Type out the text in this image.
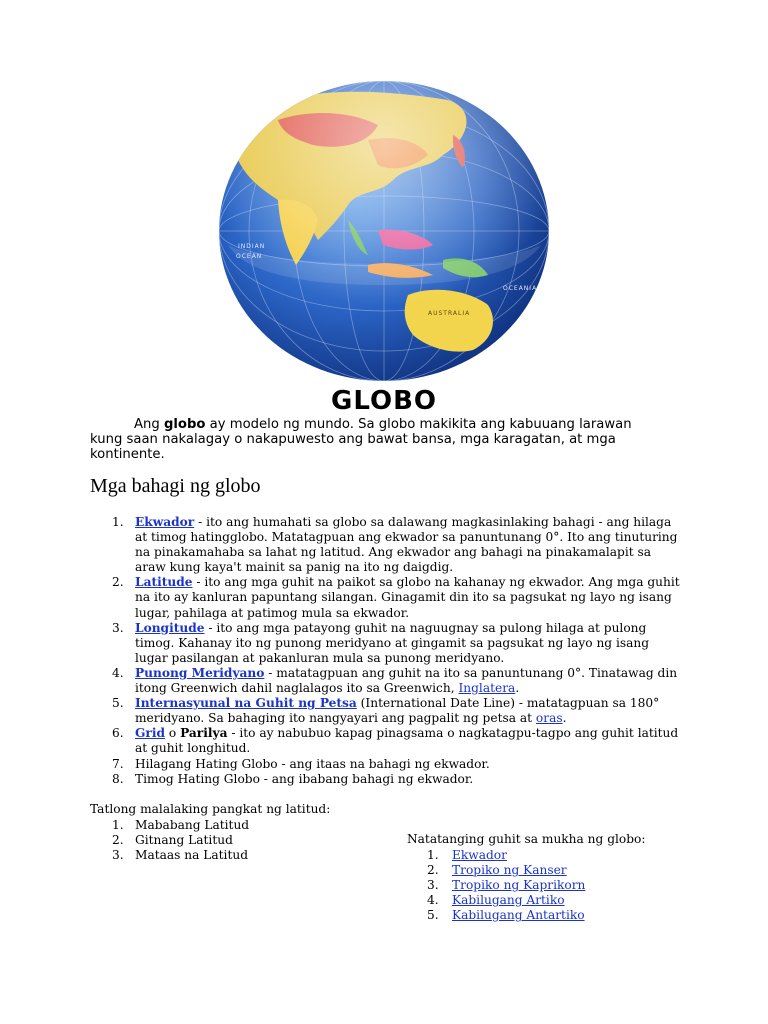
INDIAN
OCEAN
AUSTRALIA
OCEANIA
GLOBO

Ang globo ay modelo ng mundo. Sa globo makikita ang kabuuang larawan kung saan nakalagay o nakapuwesto ang bawat bansa, mga karagatan, at mga kontinente.

Mga bahagi ng globo
1. Ekwador - ito ang humahati sa globo sa dalawang magkasinlaking bahagi - ang hilaga at timog hatingglobo. Matatagpuan ang ekwador sa panuntunang 0°. Ito ang tinuturing na pinakamahaba sa lahat ng latitud. Ang ekwador ang bahagi na pinakamalapit sa araw kung kaya't mainit sa panig na ito ng daigdig.
2. Latitude - ito ang mga guhit na paikot sa globo na kahanay ng ekwador. Ang mga guhit na ito ay kanluran papuntang silangan. Ginagamit din ito sa pagsukat ng layo ng isang lugar, pahilaga at patimog mula sa ekwador.
3. Longitude - ito ang mga patayong guhit na naguugnay sa pulong hilaga at pulong timog. Kahanay ito ng punong meridyano at gingamit sa pagsukat ng layo ng isang lugar pasilangan at pakanluran mula sa punong meridyano.
4. Punong Meridyano - matatagpuan ang guhit na ito sa panuntunang 0°. Tinatawag din itong Greenwich dahil naglalagos ito sa Greenwich, Inglatera.
5. Internasyunal na Guhit ng Petsa (International Date Line) - matatagpuan sa 180° meridyano. Sa bahaging ito nangyayari ang pagpalit ng petsa at oras.
6. Grid o Parilya - ito ay nabubuo kapag pinagsama o nagkatagpu-tagpo ang guhit latitud at guhit longhitud.
7. Hilagang Hating Globo - ang itaas na bahagi ng ekwador.
8. Timog Hating Globo - ang ibabang bahagi ng ekwador.
Tatlong malalaking pangkat ng latitud:
1. Mababang Latitud
2. Gitnang Latitud
3. Mataas na Latitud
Natatanging guhit sa mukha ng globo:
1. Ekwador
2. Tropiko ng Kanser
3. Tropiko ng Kaprikorn
4. Kabilugang Artiko
5. Kabilugang Antartiko
